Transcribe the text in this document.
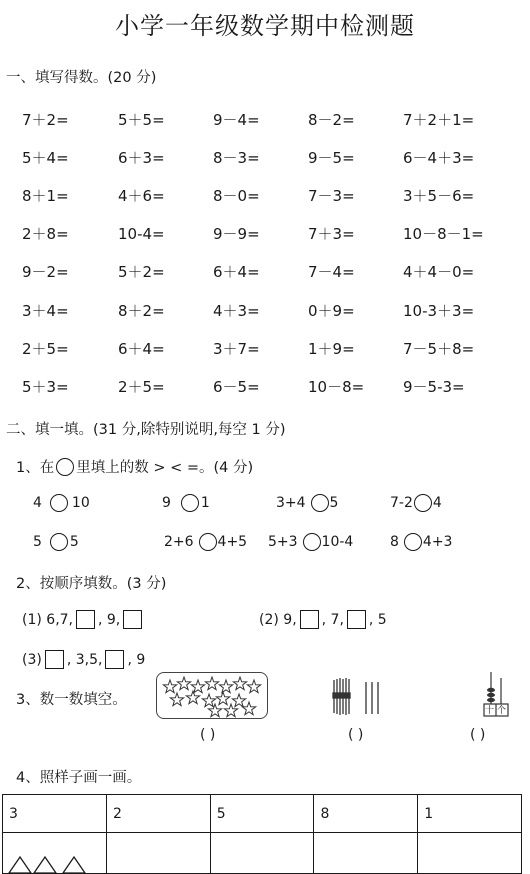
小学一年级数学期中检测题
一、填写得数。(20 分)
7＋2=	5＋5=	9－4=	8－2=	7＋2＋1=
5＋4=	6＋3=	8－3=	9－5=	6－4＋3=
8＋1=	4＋6=	8－0=	7－3=	3＋5－6=
2＋8=	10-4=	9－9=	7＋3=	10－8－1=
9－2=	5＋2=	6＋4=	7－4=	4＋4－0=
3＋4=	8＋2=	4＋3=	0＋9=	10-3＋3=
2＋5=	6＋4=	3＋7=	1＋9=	7－5＋8=
5＋3=	2＋5=	6－5=	10－8=	9－5-3=
二、填一填。(31 分,除特别说明,每空 1 分)
1、在 里填上的数 > < =。(4 分)
4 10	9 1	3+4 5	7-2 4
5 5	2+6 4+5 5+3 10-4	8 4+3
2、按顺序填数。(3 分)
(1) 6,7, , 9,	(2) 9, , 7, , 5
(3) , 3,5, , 9
3、数一数填空。
十 个
( )	( )	( )
4、照样子画一画。
3	2	5	8	1
